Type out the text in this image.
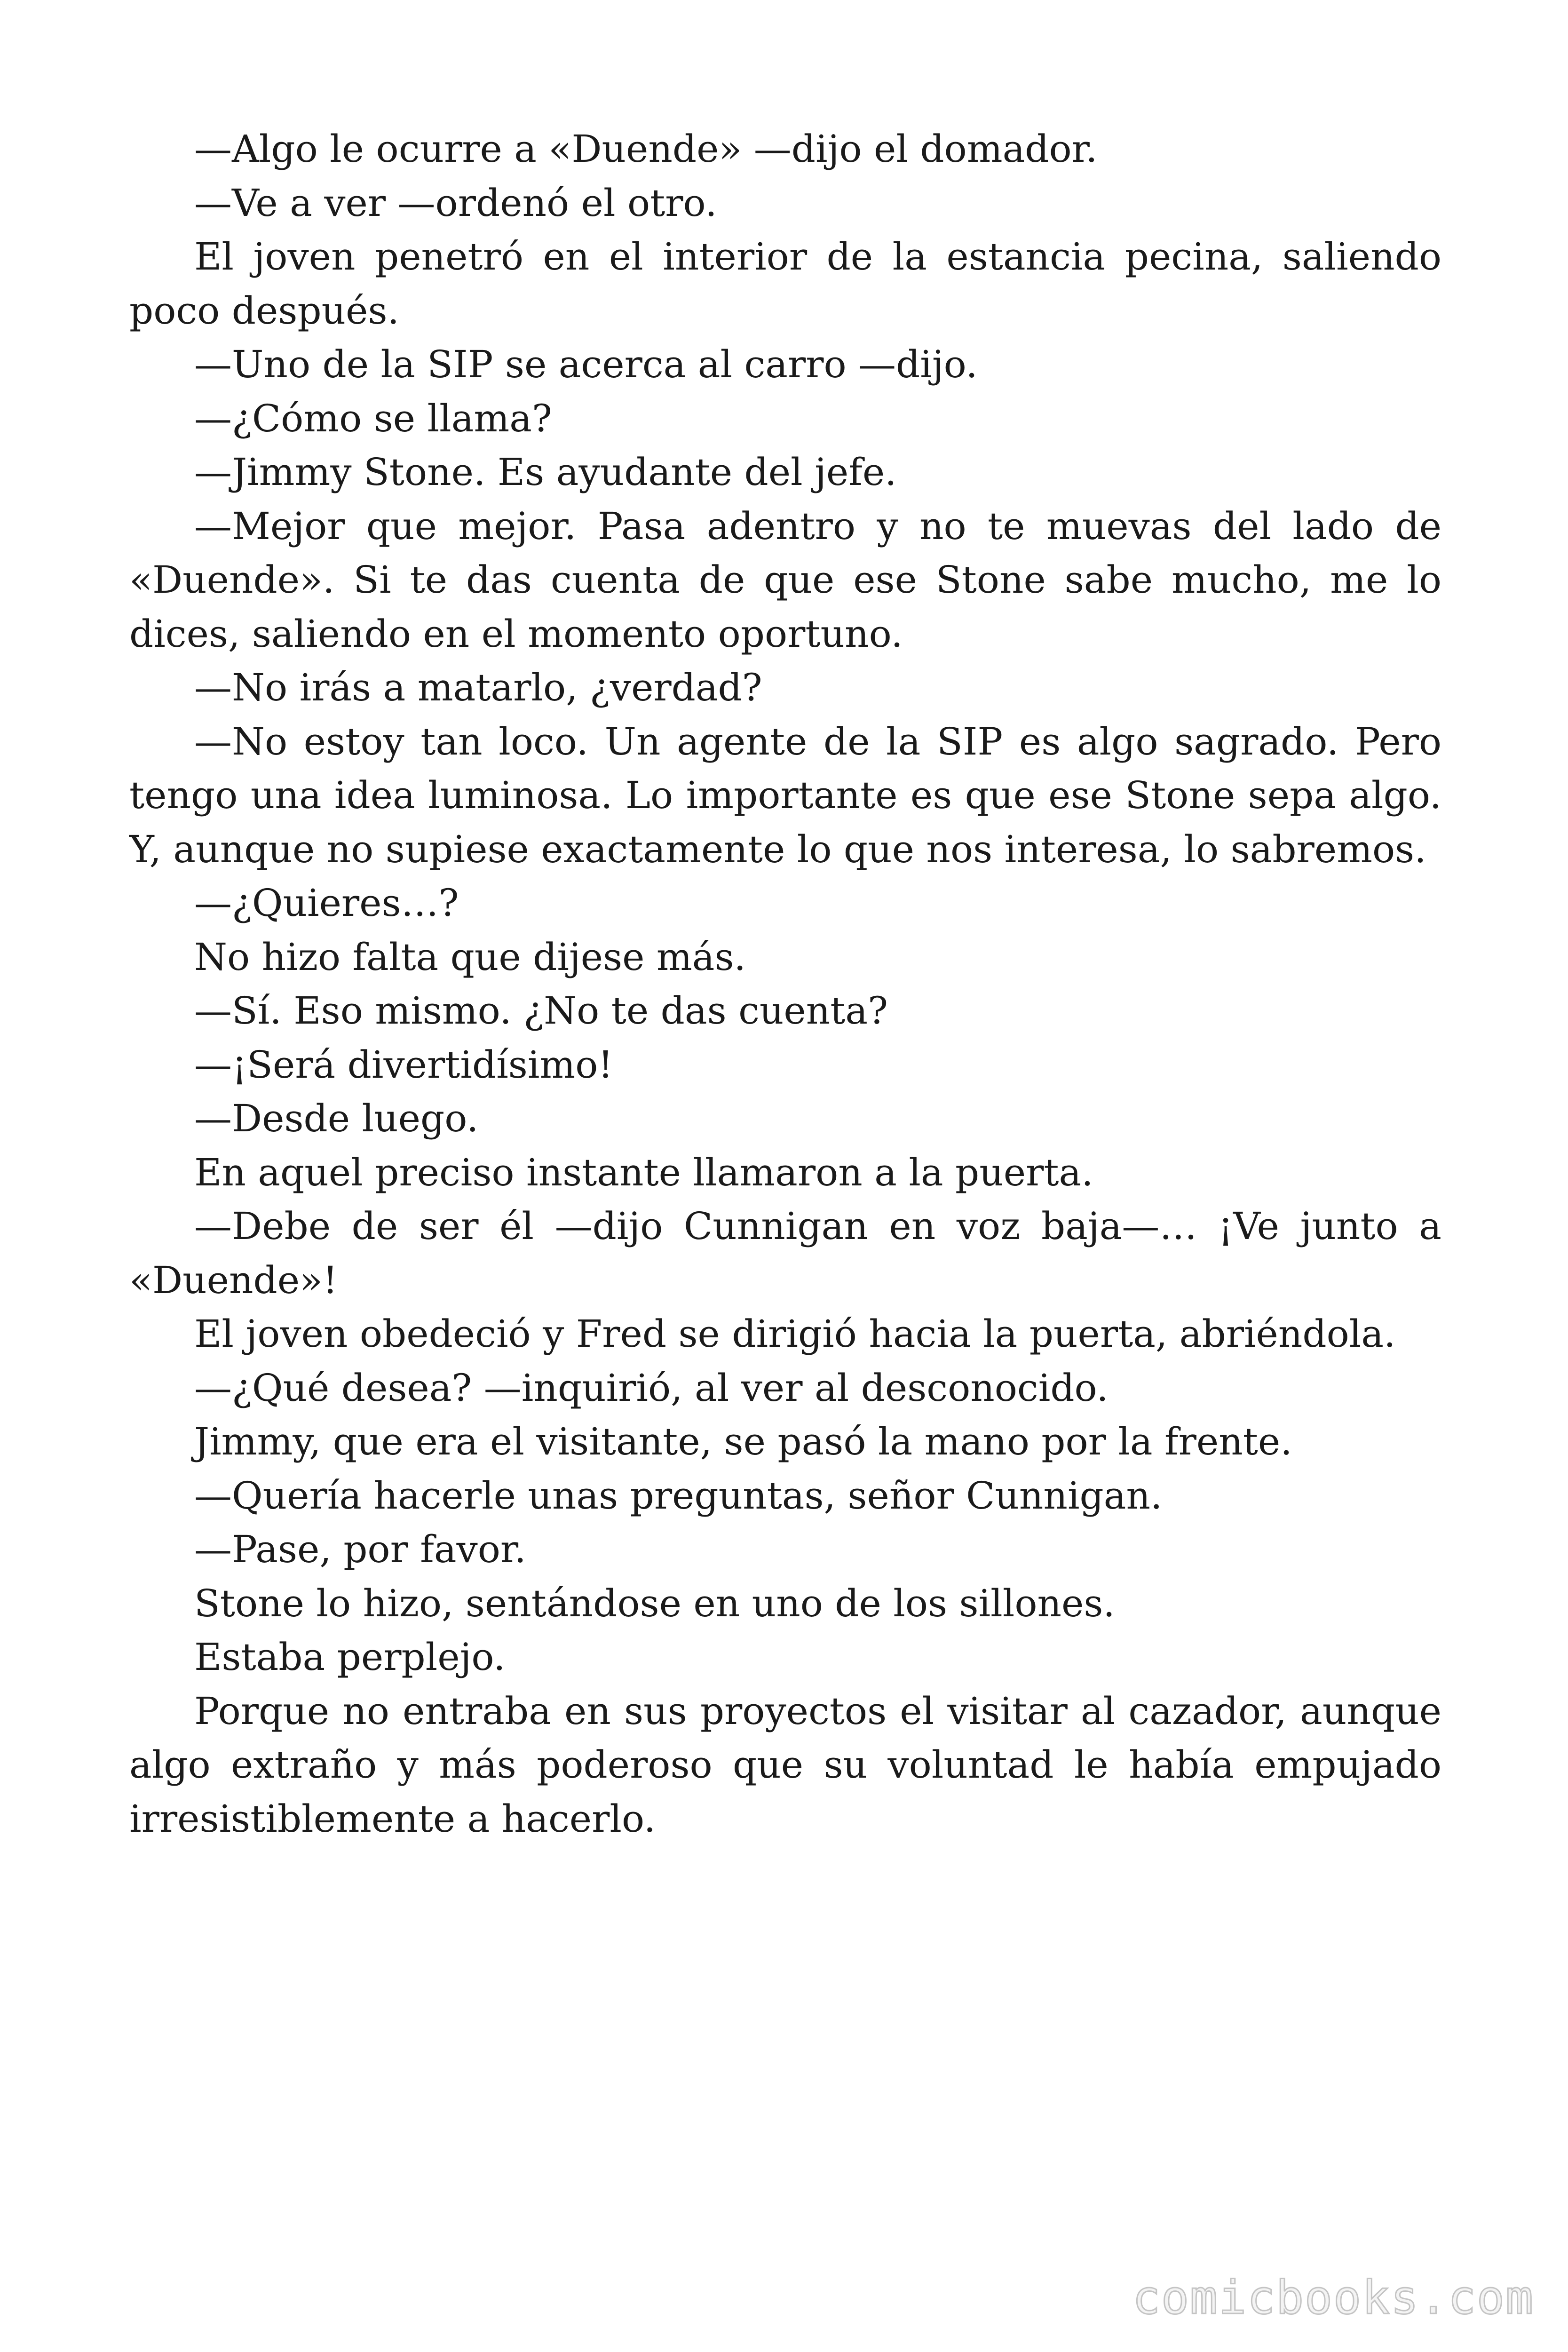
—Algo le ocurre a «Duende» —dijo el domador.

—Ve a ver —ordenó el otro.

El joven penetró en el interior de la estancia pecina, saliendo poco después.

—Uno de la SIP se acerca al carro —dijo.

—¿Cómo se llama?

—Jimmy Stone. Es ayudante del jefe.

—Mejor que mejor. Pasa adentro y no te muevas del lado de «Duende». Si te das cuenta de que ese Stone sabe mucho, me lo dices, saliendo en el momento oportuno.

—No irás a matarlo, ¿verdad?

—No estoy tan loco. Un agente de la SIP es algo sagrado. Pero tengo una idea luminosa. Lo importante es que ese Stone sepa algo. Y, aunque no supiese exactamente lo que nos interesa, lo sabremos.

—¿Quieres…?

No hizo falta que dijese más.

—Sí. Eso mismo. ¿No te das cuenta?

—¡Será divertidísimo!

—Desde luego.

En aquel preciso instante llamaron a la puerta.

—Debe de ser él —dijo Cunnigan en voz baja—… ¡Ve junto a «Duende»!

El joven obedeció y Fred se dirigió hacia la puerta, abriéndola.

—¿Qué desea? —inquirió, al ver al desconocido.

Jimmy, que era el visitante, se pasó la mano por la frente.

—Quería hacerle unas preguntas, señor Cunnigan.

—Pase, por favor.

Stone lo hizo, sentándose en uno de los sillones.

Estaba perplejo.

Porque no entraba en sus proyectos el visitar al cazador, aunque algo extraño y más poderoso que su voluntad le había empujado irresistiblemente a hacerlo.

comicbooks.com
